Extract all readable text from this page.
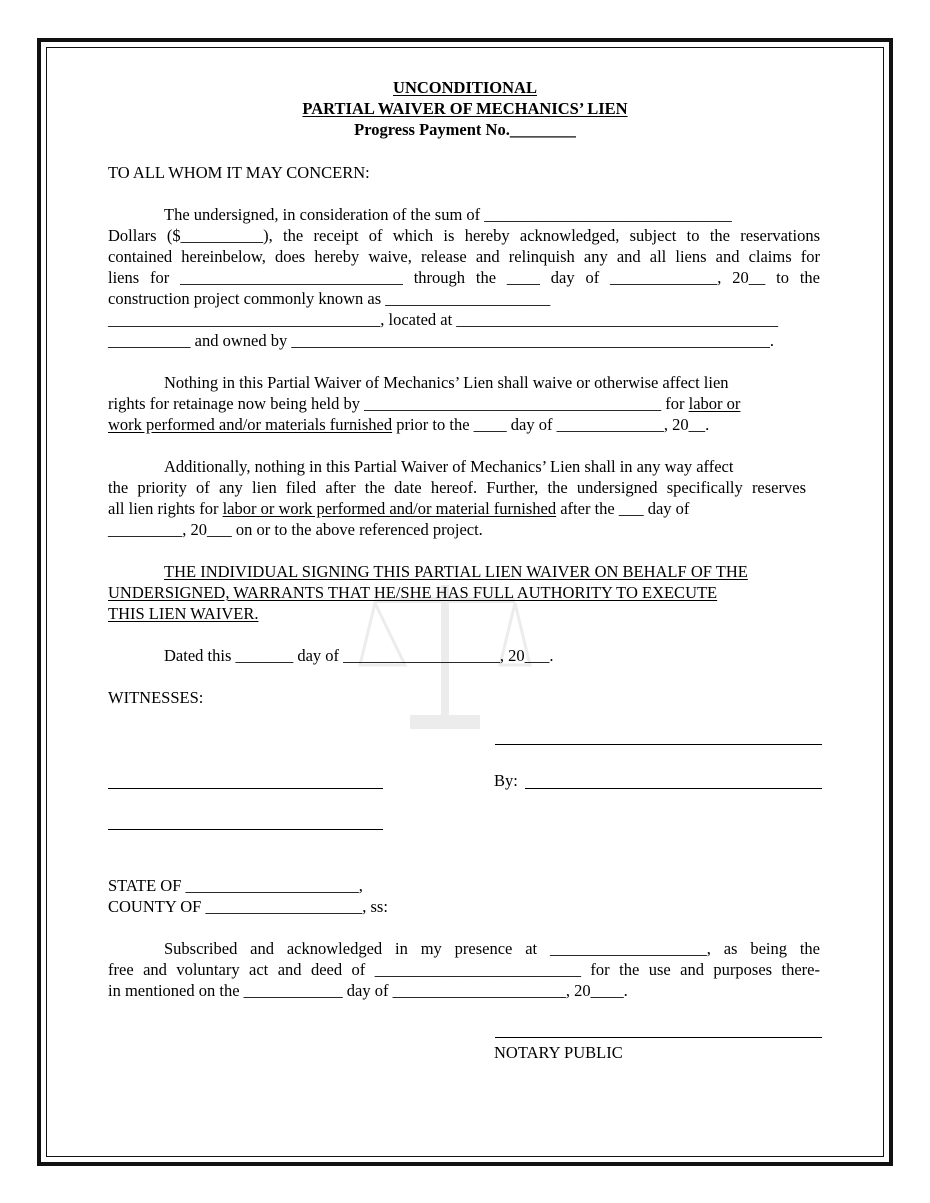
UNCONDITIONAL

PARTIAL WAIVER OF MECHANICS’ LIEN

Progress Payment No.________

TO ALL WHOM IT MAY CONCERN:

The undersigned, in consideration of the sum of ______________________________

Dollars ($__________), the receipt of which is hereby acknowledged, subject to the reservations

contained hereinbelow, does hereby waive, release and relinquish any and all liens and claims for

liens for ___________________________ through the ____ day of _____________, 20__ to the

construction project commonly known as ____________________

_________________________________, located at _______________________________________

__________ and owned by __________________________________________________________.

Nothing in this Partial Waiver of Mechanics’ Lien shall waive or otherwise affect lien

rights for retainage now being held by ____________________________________ for labor or

work performed and/or materials furnished prior to the ____ day of _____________, 20__.

Additionally, nothing in this Partial Waiver of Mechanics’ Lien shall in any way affect

the priority of any lien filed after the date hereof. Further, the undersigned specifically reserves

all lien rights for labor or work performed and/or material furnished after the ___ day of

_________, 20___ on or to the above referenced project.

THE INDIVIDUAL SIGNING THIS PARTIAL LIEN WAIVER ON BEHALF OF THE

UNDERSIGNED, WARRANTS THAT HE/SHE HAS FULL AUTHORITY TO EXECUTE

THIS LIEN WAIVER.

Dated this _______ day of ___________________, 20___.

WITNESSES:

By:

STATE OF _____________________,

COUNTY OF ___________________, ss:

Subscribed and acknowledged in my presence at ___________________, as being the

free and voluntary act and deed of _________________________ for the use and purposes there-

in mentioned on the ____________ day of _____________________, 20____.

NOTARY PUBLIC
